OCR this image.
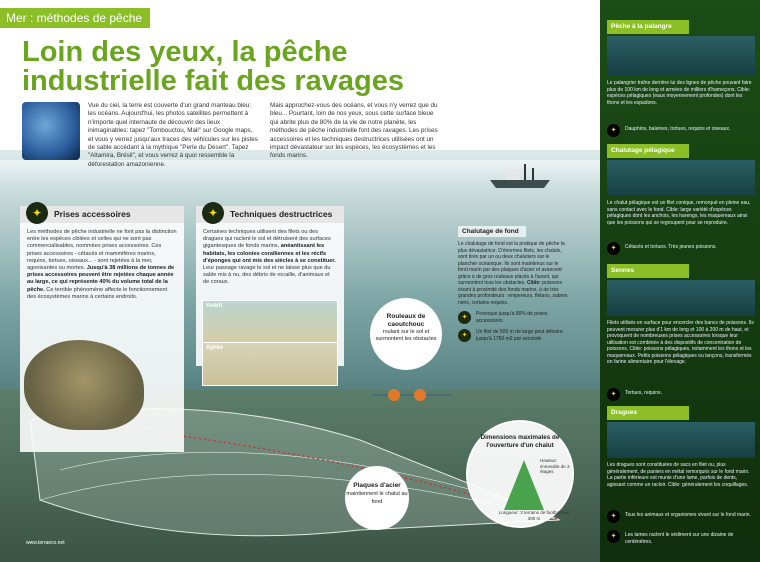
Mer : méthodes de pêche
Loin des yeux, la pêche
industrielle fait des ravages
Vue du ciel, la terre est couverte d'un grand manteau bleu: les océans. Aujourd'hui, les photos satellites permettent à n'importe quel internaute de découvrir des lieux inimaginables: tapez "Tombouctou, Mali" sur Google maps, et vous y verrez jusqu'aux traces des véhicules sur les pistes de sable accédant à la mythique "Perle du Désert". Tapez "Altamira, Brésil", et vous verrez à quoi ressemble la déforestation amazonienne.
Mais approchez-vous des océans, et vous n'y verrez que du bleu... Pourtant, loin de nos yeux, sous cette surface bleue qui abrite plus de 80% de la vie de notre planète, les méthodes de pêche industrielle font des ravages. Les prises accessoires et les techniques destructrices utilisées ont un impact dévastateur sur les espèces, les écosystèmes et les fonds marins.
✦	Prises accessoires
Les méthodes de pêche industrielle ne font pas la distinction entre les espèces ciblées et celles qui ne sont pas commercialisables, nommées prises accessoires. Ces prises accessoires - cétacés et mammifères marins, requins, tortues, oiseaux... - sont rejetées à la mer, agonisantes ou mortes. Jusqu'à 38 millions de tonnes de prises accessoires peuvent être rejetées chaque année au large, ce qui représente 40% du volume total de la pêche. Ce terrible phénomène affecte le fonctionnement des écosystèmes marins à certains endroits.
✦	Techniques destructrices
Certaines techniques utilisent des filets ou des dragues qui raclent le sol et détruisent des surfaces gigantesques de fonds marins, anéantissant les habitats, les colonies coralliennes et les récifs d'éponges qui ont mis des siècles à se constituer. Leur passage ravage le sol et ne laisse plus que du sable mis à nu, des débris de rocaille, d'animaux et de coraux.
Avant
Après
Chalutage de fond
Le chalutage de fond est la pratique de pêche la plus dévastatrice. D'énormes filets, les chaluts, sont tirés par un ou deux chalutiers sur le plancher océanique. Ils sont maintenus sur le fond marin par des plaques d'acier et avancent grâce à de gros rouleaux placés à l'avant, qui surmontent tous les obstacles. Cible: poissons vivant à proximité des fonds marins, à de très grandes profondeurs : empereurs, flétans, sabres noirs, certains requins.
✦	Provoque jusqu'à 80% de prises accessoires.
✦	Un filet de 500 m de large peut détruire jusqu'à 1750 m2 par seconde.
Rouleaux de caoutchouc
roulant sur le sol et surmontent les obstacles
Plaques d'acier
maintiennent le chalut au fond
Dimensions maximales de l'ouverture d'un chalut
Hauteur: immeuble de 3 étages
Longueur: 3 terrains de football soit 300 m
www.terraeco.net
Pêche à la palangre
Le palangrier traîne derrière lui des lignes de pêche pouvant faire plus de 100 km de long et armées de milliers d'hameçons. Cible: espèces pélagiques (eaux moyennement profondes) dont les thons et les espadons.
✦	Dauphins, baleines, tortues, requins et oiseaux.
Chalutage pélagique
Le chalut pélagique est un filet conique, remorqué en pleine eau, sans contact avec le fond. Cible: large variété d'espèces pélagiques dont les anchois, les harengs, les maquereaux ainsi que les poissons qui se regroupent pour se reproduire.
✦	Cétacés et tortues. Très jeunes poissons.
Sennes
Filets utilisés en surface pour encercler des bancs de poissons. Ils peuvent mesurer plus d'1 km de long et 100 à 200 m de haut, et provoquent de nombreuses prises accessoires lorsque leur utilisation est combinée à des dispositifs de concentration de poissons. Cible: poissons pélagiques, notamment les thons et les maquereaux. Petits poissons pélagiques ou lançons, transformés en farine alimentaire pour l'élevage.
✦	Tortues, requins.
Dragues
Les dragues sont constituées de sacs en filet ou, plus généralement, de paniers en métal remorqués sur le fond marin. La partie inférieure est munie d'une lame, parfois de dents, agissant comme un racloir. Cible: généralement les coquillages.
✦	Tous les animaux et organismes vivant sur le fond marin.
✦	Les lames raclent le sédiment sur une dizaine de centimètres.
